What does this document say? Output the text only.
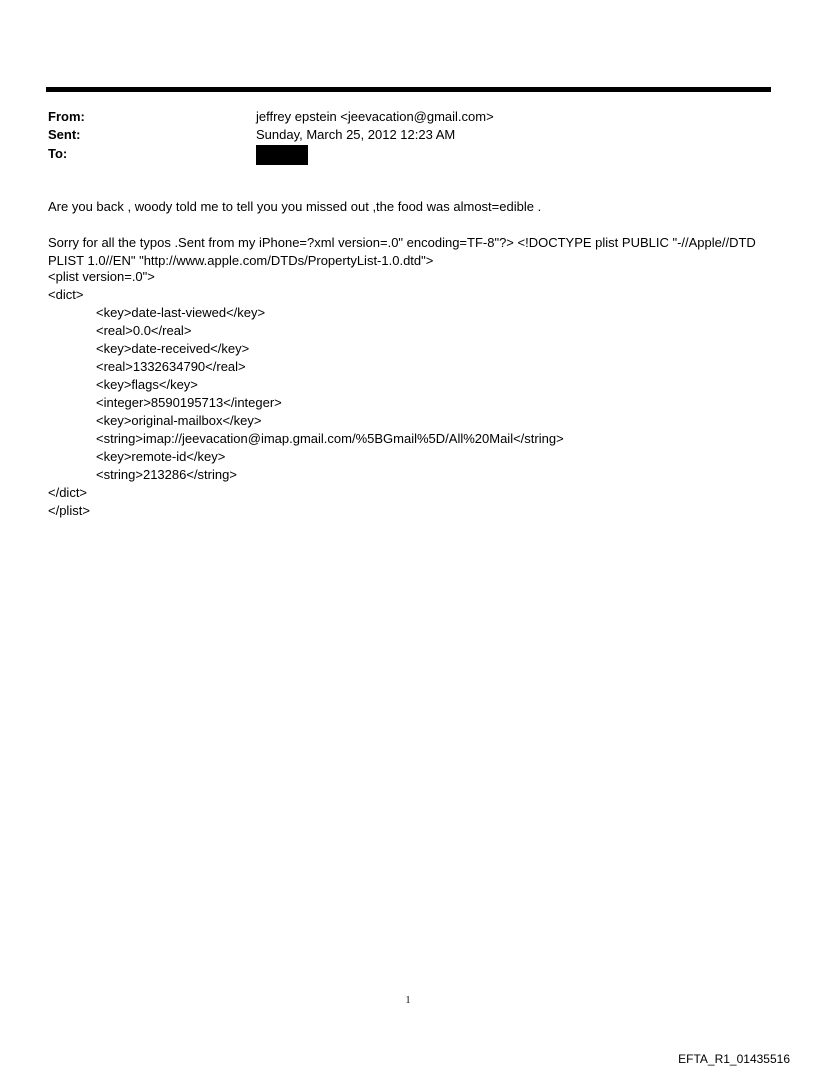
From:	jeffrey epstein <jeevacation@gmail.com>
Sent:	Sunday, March 25, 2012 12:23 AM
To:
Are you back , woody told me to tell you you missed out ,the food was almost=edible .
Sorry for all the typos .Sent from my iPhone=?xml version=.0" encoding=TF-8"?> <!DOCTYPE plist PUBLIC "-//Apple//DTD PLIST 1.0//EN" "http://www.apple.com/DTDs/PropertyList-1.0.dtd">
<plist version=.0">
<dict>
<key>date-last-viewed</key>
<real>0.0</real>
<key>date-received</key>
<real>1332634790</real>
<key>flags</key>
<integer>8590195713</integer>
<key>original-mailbox</key>
<string>imap://jeevacation@imap.gmail.com/%5BGmail%5D/All%20Mail</string>
<key>remote-id</key>
<string>213286</string>
</dict>
</plist>
1
EFTA_R1_01435516
